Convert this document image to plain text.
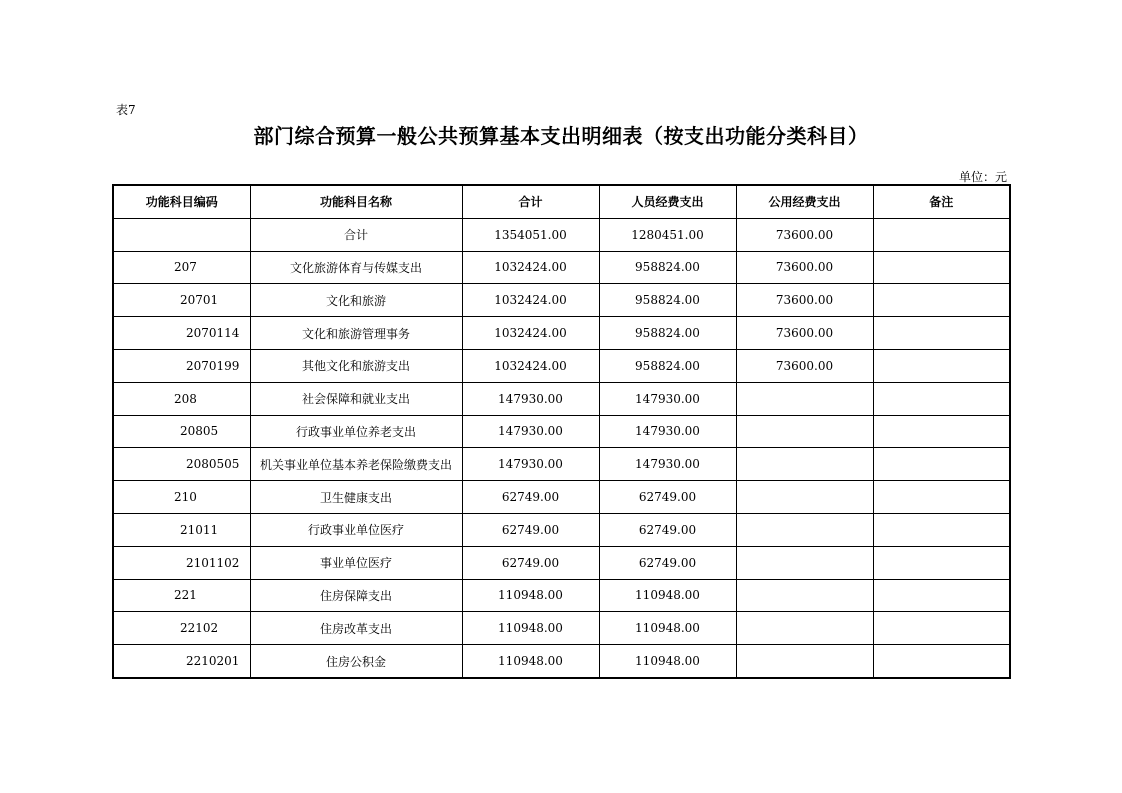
表7
部门综合预算一般公共预算基本支出明细表（按支出功能分类科目）
单位：元
功能科目编码	功能科目名称	合计	人员经费支出	公用经费支出	备注
	合计	1354051.00	1280451.00	73600.00	
207	文化旅游体育与传媒支出	1032424.00	958824.00	73600.00	
20701	文化和旅游	1032424.00	958824.00	73600.00	
2070114	文化和旅游管理事务	1032424.00	958824.00	73600.00	
2070199	其他文化和旅游支出	1032424.00	958824.00	73600.00	
208	社会保障和就业支出	147930.00	147930.00		
20805	行政事业单位养老支出	147930.00	147930.00		
2080505	机关事业单位基本养老保险缴费支出	147930.00	147930.00		
210	卫生健康支出	62749.00	62749.00		
21011	行政事业单位医疗	62749.00	62749.00		
2101102	事业单位医疗	62749.00	62749.00		
221	住房保障支出	110948.00	110948.00		
22102	住房改革支出	110948.00	110948.00		
2210201	住房公积金	110948.00	110948.00		
